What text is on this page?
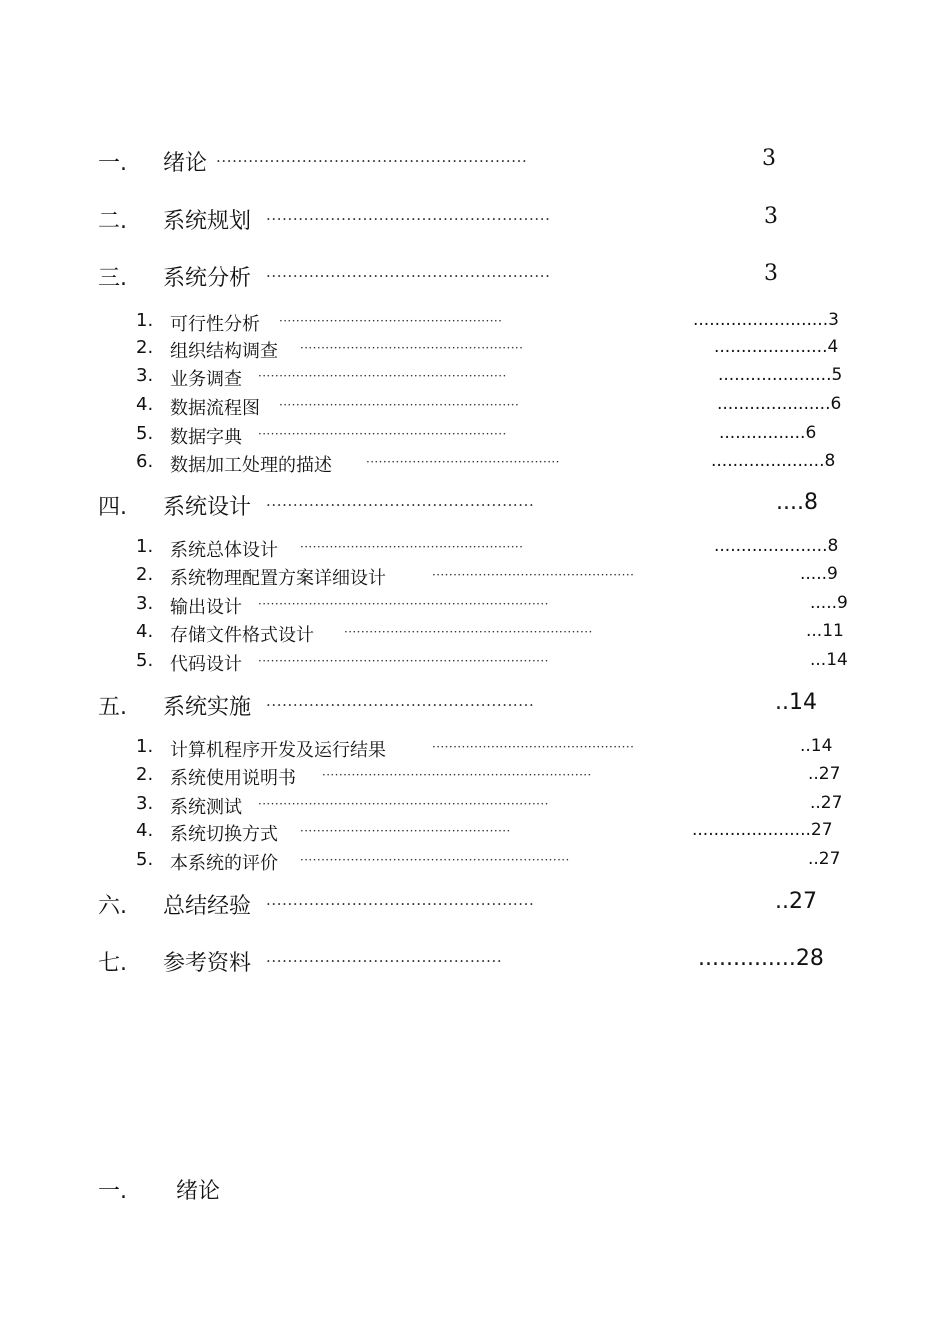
一. 绪论 ··························································	3
二. 系统规划 ·····················································	3
三. 系统分析 ·····················································	3
1. 可行性分析 ·····················································	.........................3
2. 组织结构调查 ·····················································	.....................4
3. 业务调查 ···························································	.....................5
4. 数据流程图 ·························································	.....................6
5. 数据字典 ···························································	................6
6. 数据加工处理的描述	··············································	.....................8
四. 系统设计 ··················································	....8
1. 系统总体设计 ·····················································	.....................8
2. 系统物理配置方案详细设计	················································	.....9
3. 输出设计 ·····································································	.....9
4. 存储文件格式设计	···························································	...11
5. 代码设计 ·····································································	...14
五. 系统实施 ··················································	..14
1. 计算机程序开发及运行结果	················································	..14
2. 系统使用说明书 ································································	..27
3. 系统测试 ·····································································	..27
4. 系统切换方式 ··················································	......................27
5. 本系统的评价 ································································	..27
六. 总结经验 ··················································	..27
七. 参考资料 ············································	..............28
一. 绪论
